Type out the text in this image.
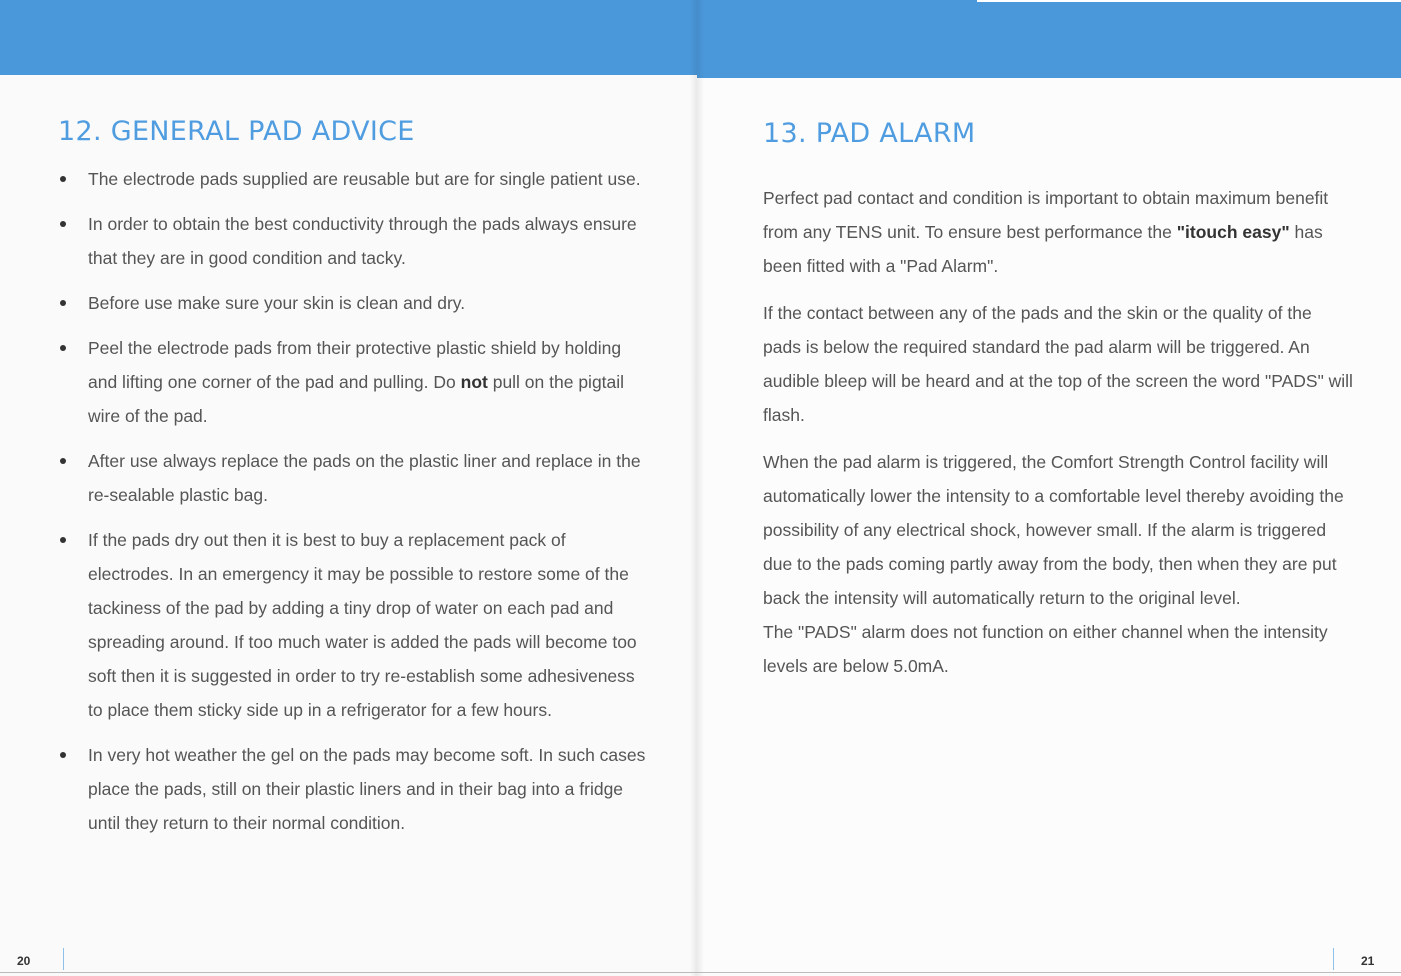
12. GENERAL PAD ADVICE
The electrode pads supplied are reusable but are for single patient use.
In order to obtain the best conductivity through the pads always ensure that they are in good condition and tacky.
Before use make sure your skin is clean and dry.
Peel the electrode pads from their protective plastic shield by holding and lifting one corner of the pad and pulling. Do not pull on the pigtail wire of the pad.
After use always replace the pads on the plastic liner and replace in the re-sealable plastic bag.
If the pads dry out then it is best to buy a replacement pack of electrodes. In an emergency it may be possible to restore some of the tackiness of the pad by adding a tiny drop of water on each pad and spreading around. If too much water is added the pads will become too soft then it is suggested in order to try re-establish some adhesiveness to place them sticky side up in a refrigerator for a few hours.
In very hot weather the gel on the pads may become soft. In such cases place the pads, still on their plastic liners and in their bag into a fridge until they return to their normal condition.
20
13. PAD ALARM

Perfect pad contact and condition is important to obtain maximum benefit from any TENS unit. To ensure best performance the "itouch easy" has been fitted with a "Pad Alarm".

If the contact between any of the pads and the skin or the quality of the pads is below the required standard the pad alarm will be triggered. An audible bleep will be heard and at the top of the screen the word "PADS" will flash.

When the pad alarm is triggered, the Comfort Strength Control facility will automatically lower the intensity to a comfortable level thereby avoiding the possibility of any electrical shock, however small. If the alarm is triggered due to the pads coming partly away from the body, then when they are put back the intensity will automatically return to the original level.

The "PADS" alarm does not function on either channel when the intensity levels are below 5.0mA.

21
